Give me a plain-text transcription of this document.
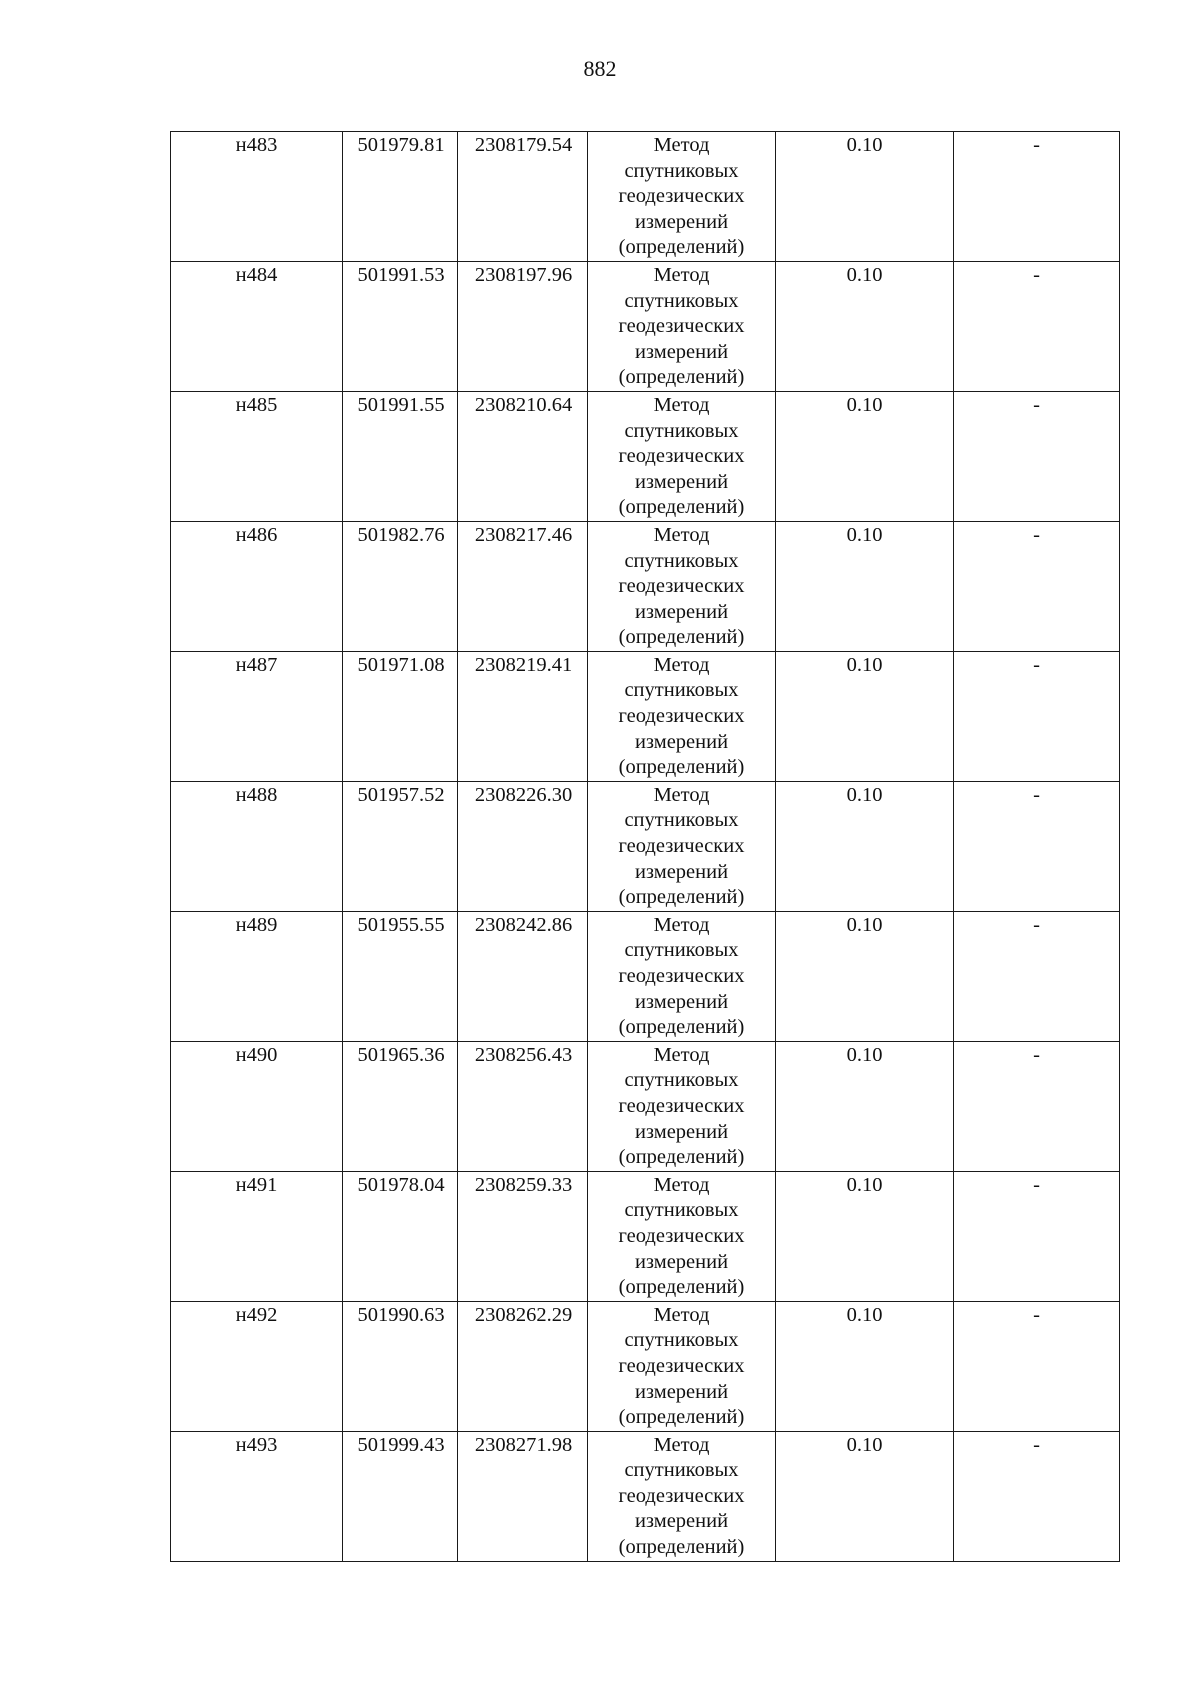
882
н483	501979.81	2308179.54	Метод
спутниковых
геодезических
измерений
(определений)	0.10	-

н484	501991.53	2308197.96	Метод
спутниковых
геодезических
измерений
(определений)	0.10	-

н485	501991.55	2308210.64	Метод
спутниковых
геодезических
измерений
(определений)	0.10	-

н486	501982.76	2308217.46	Метод
спутниковых
геодезических
измерений
(определений)	0.10	-

н487	501971.08	2308219.41	Метод
спутниковых
геодезических
измерений
(определений)	0.10	-

н488	501957.52	2308226.30	Метод
спутниковых
геодезических
измерений
(определений)	0.10	-

н489	501955.55	2308242.86	Метод
спутниковых
геодезических
измерений
(определений)	0.10	-

н490	501965.36	2308256.43	Метод
спутниковых
геодезических
измерений
(определений)	0.10	-

н491	501978.04	2308259.33	Метод
спутниковых
геодезических
измерений
(определений)	0.10	-

н492	501990.63	2308262.29	Метод
спутниковых
геодезических
измерений
(определений)	0.10	-

н493	501999.43	2308271.98	Метод
спутниковых
геодезических
измерений
(определений)	0.10	-
